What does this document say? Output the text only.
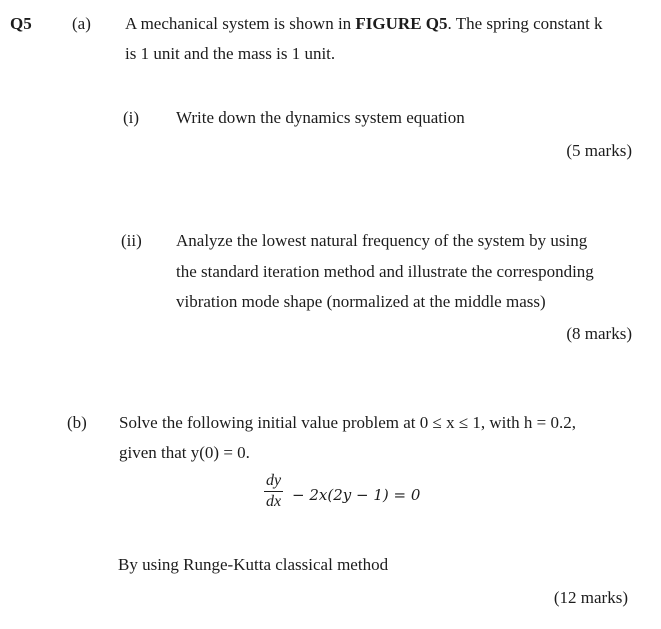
Q5 (a) A mechanical system is shown in FIGURE Q5. The spring constant k
is 1 unit and the mass is 1 unit.
(i) Write down the dynamics system equation
(5 marks)
(ii) Analyze the lowest natural frequency of the system by using
the standard iteration method and illustrate the corresponding
vibration mode shape (normalized at the middle mass)
(8 marks)
(b) Solve the following initial value problem at 0 ≤ x ≤ 1, with h = 0.2,
given that y(0) = 0.
$\frac{dy}{dx} - 2x(2y - 1) = 0$
By using Runge-Kutta classical method
(12 marks)
